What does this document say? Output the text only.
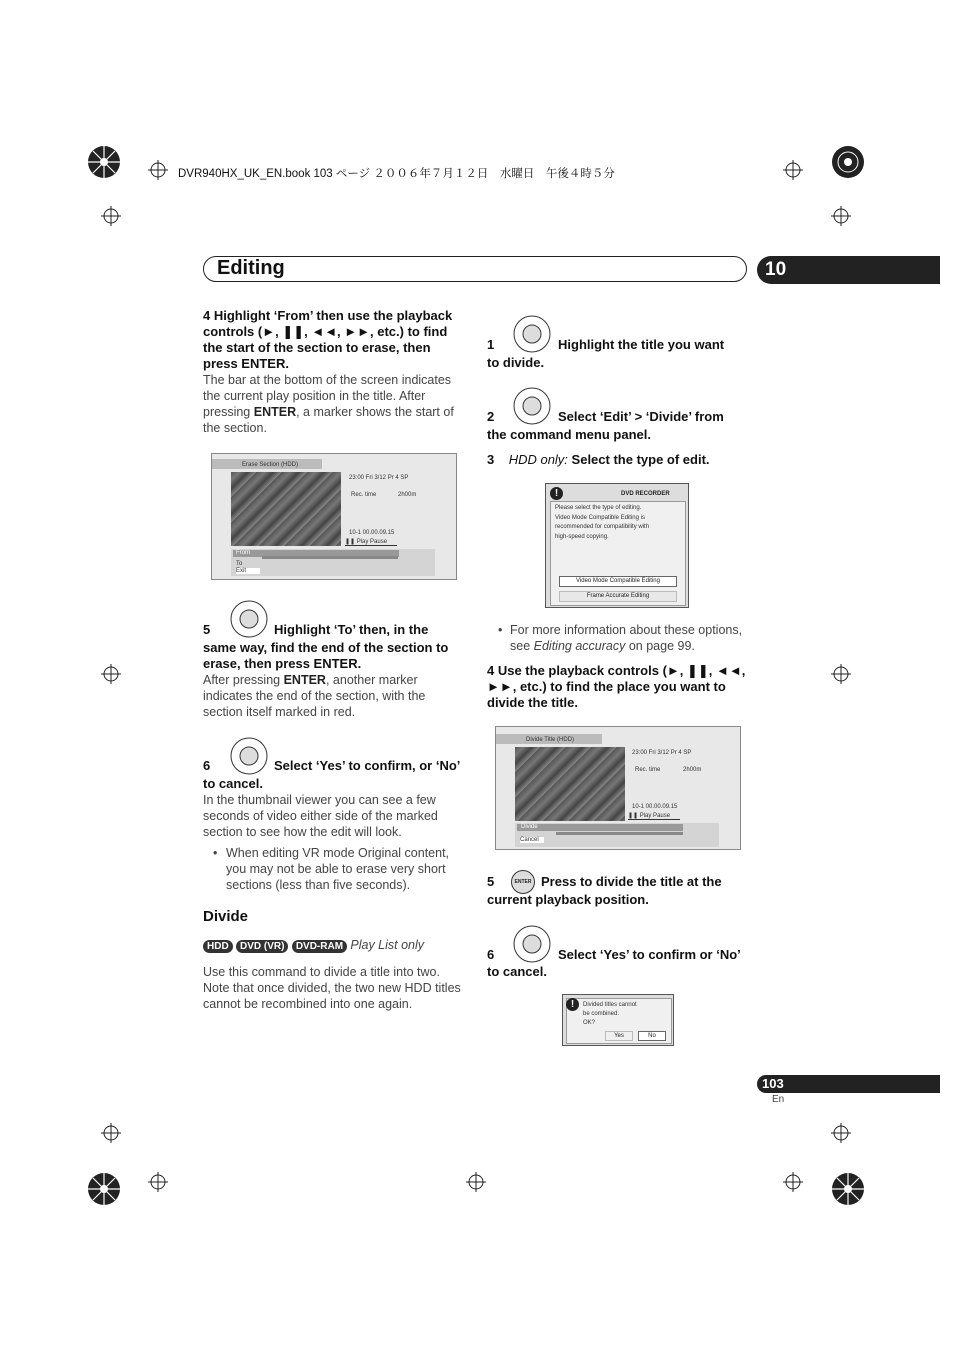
DVR940HX_UK_EN.book 103 ページ ２００６年７月１２日　水曜日　午後４時５分
Editing	10
4 Highlight ‘From’ then use the playback controls (►, ❚❚, ◄◄, ►►, etc.) to find the start of the section to erase, then press ENTER.
The bar at the bottom of the screen indicates the current play position in the title. After pressing ENTER, a marker shows the start of the section.
Erase Section (HDD)
23:00 Fri 3/12 Pr 4 SP
Rec. time	2h00m
10-1 00.00.09.15
❚❚ Play Pause
From
To
Exit
5	Highlight ‘To’ then, in the
same way, find the end of the section to erase, then press ENTER.
After pressing ENTER, another marker indicates the end of the section, with the section itself marked in red.
6	Select ‘Yes’ to confirm, or ‘No’
to cancel.
In the thumbnail viewer you can see a few seconds of video either side of the marked section to see how the edit will look.
• When editing VR mode Original content, you may not be able to erase very short sections (less than five seconds).
Divide
HDD DVD (VR) DVD-RAM Play List only
Use this command to divide a title into two. Note that once divided, the two new HDD titles cannot be recombined into one again.
1	Highlight the title you want
to divide.
2	Select ‘Edit’ > ‘Divide’ from
the command menu panel.
3 HDD only: Select the type of edit.
!	DVD RECORDER
Please select the type of editing.
Video Mode Compatible Editing is
recommended for compatibility with
high-speed copying.
Video Mode Compatible Editing
Frame Accurate Editing
• For more information about these options, see Editing accuracy on page 99.
4 Use the playback controls (►, ❚❚, ◄◄, ►►, etc.) to find the place you want to divide the title.
Divide Title (HDD)
23:00 Fri 3/12 Pr 4 SP
Rec. time	2h00m
10-1 00.00.09.15
❚❚ Play Pause
Divide
Cancel
ENTER
5	Press to divide the title at the
current playback position.
6	Select ‘Yes’ to confirm or ‘No’
to cancel.
!	Divided titles cannot
be combined.
OK?
Yes	No
103
En
